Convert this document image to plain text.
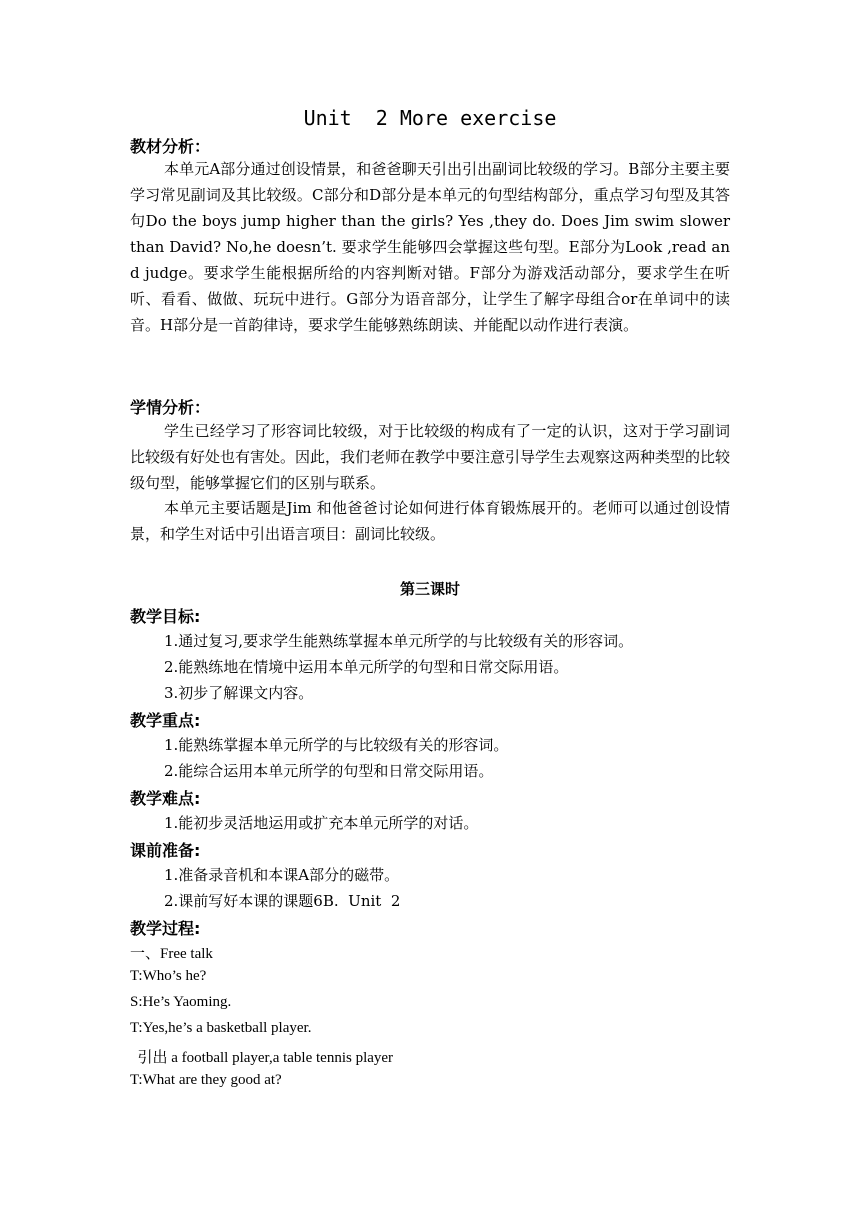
Unit  2 More exercise
教材分析：

本单元A部分通过创设情景，和爸爸聊天引出引出副词比较级的学习。B部分主要主要学习常见副词及其比较级。C部分和D部分是本单元的句型结构部分，重点学习句型及其答句Do the boys jump higher than the girls? Yes ,they do. Does Jim swim slower than David? No,he doesn’t. 要求学生能够四会掌握这些句型。E部分为Look ,read and judge。要求学生能根据所给的内容判断对错。F部分为游戏活动部分，要求学生在听听、看看、做做、玩玩中进行。G部分为语音部分，让学生了解字母组合or在单词中的读音。H部分是一首韵律诗，要求学生能够熟练朗读、并能配以动作进行表演。

学情分析：

学生已经学习了形容词比较级，对于比较级的构成有了一定的认识，这对于学习副词比较级有好处也有害处。因此，我们老师在教学中要注意引导学生去观察这两种类型的比较级句型，能够掌握它们的区别与联系。

本单元主要话题是Jim 和他爸爸讨论如何进行体育锻炼展开的。老师可以通过创设情景，和学生对话中引出语言项目：副词比较级。

第三课时
教学目标:
1.通过复习,要求学生能熟练掌握本单元所学的与比较级有关的形容词。
2.能熟练地在情境中运用本单元所学的句型和日常交际用语。
3.初步了解课文内容。
教学重点:
1.能熟练掌握本单元所学的与比较级有关的形容词。
2.能综合运用本单元所学的句型和日常交际用语。
教学难点:
1.能初步灵活地运用或扩充本单元所学的对话。
课前准备:
1.准备录音机和本课A部分的磁带。
2.课前写好本课的课题6B.  Unit  2
教学过程:
一、Free talk
T:Who’s he?
S:He’s Yaoming.
T:Yes,he’s a basketball player.
引出 a football player,a table tennis player
T:What are they good at?
